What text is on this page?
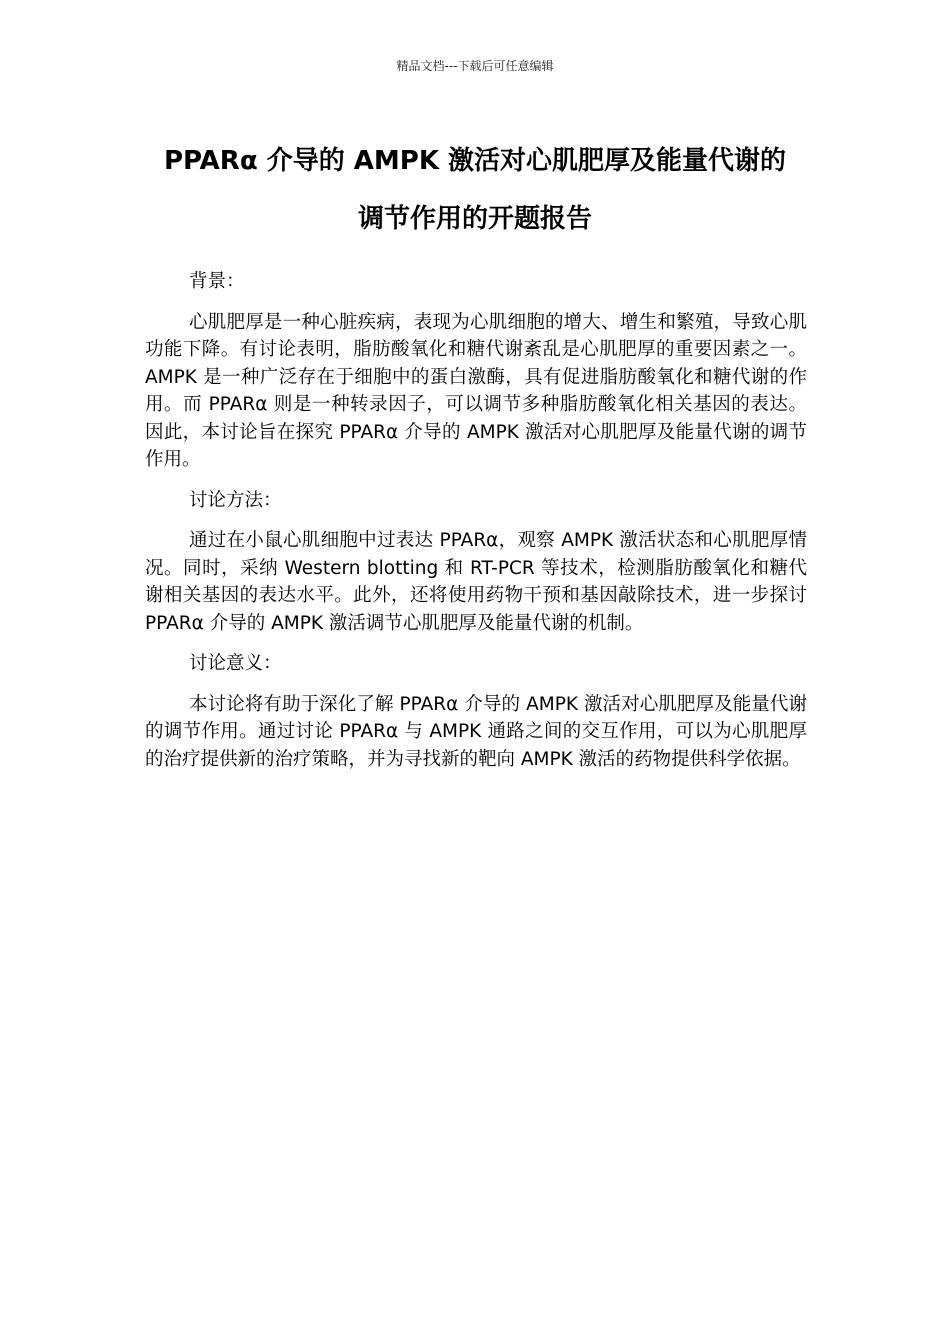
精品文档---下载后可任意编辑
PPARα 介导的 AMPK 激活对心肌肥厚及能量代谢的
调节作用的开题报告

背景：

心肌肥厚是一种心脏疾病，表现为心肌细胞的增大、增生和繁殖，导致心肌功能下降。有讨论表明，脂肪酸氧化和糖代谢紊乱是心肌肥厚的重要因素之一。AMPK 是一种广泛存在于细胞中的蛋白激酶，具有促进脂肪酸氧化和糖代谢的作用。而 PPARα 则是一种转录因子，可以调节多种脂肪酸氧化相关基因的表达。因此，本讨论旨在探究 PPARα 介导的 AMPK 激活对心肌肥厚及能量代谢的调节作用。

讨论方法：

通过在小鼠心肌细胞中过表达 PPARα，观察 AMPK 激活状态和心肌肥厚情况。同时，采纳 Western blotting 和 RT-PCR 等技术，检测脂肪酸氧化和糖代谢相关基因的表达水平。此外，还将使用药物干预和基因敲除技术，进一步探讨 PPARα 介导的 AMPK 激活调节心肌肥厚及能量代谢的机制。

讨论意义：

本讨论将有助于深化了解 PPARα 介导的 AMPK 激活对心肌肥厚及能量代谢的调节作用。通过讨论 PPARα 与 AMPK 通路之间的交互作用，可以为心肌肥厚的治疗提供新的治疗策略，并为寻找新的靶向 AMPK 激活的药物提供科学依据。
